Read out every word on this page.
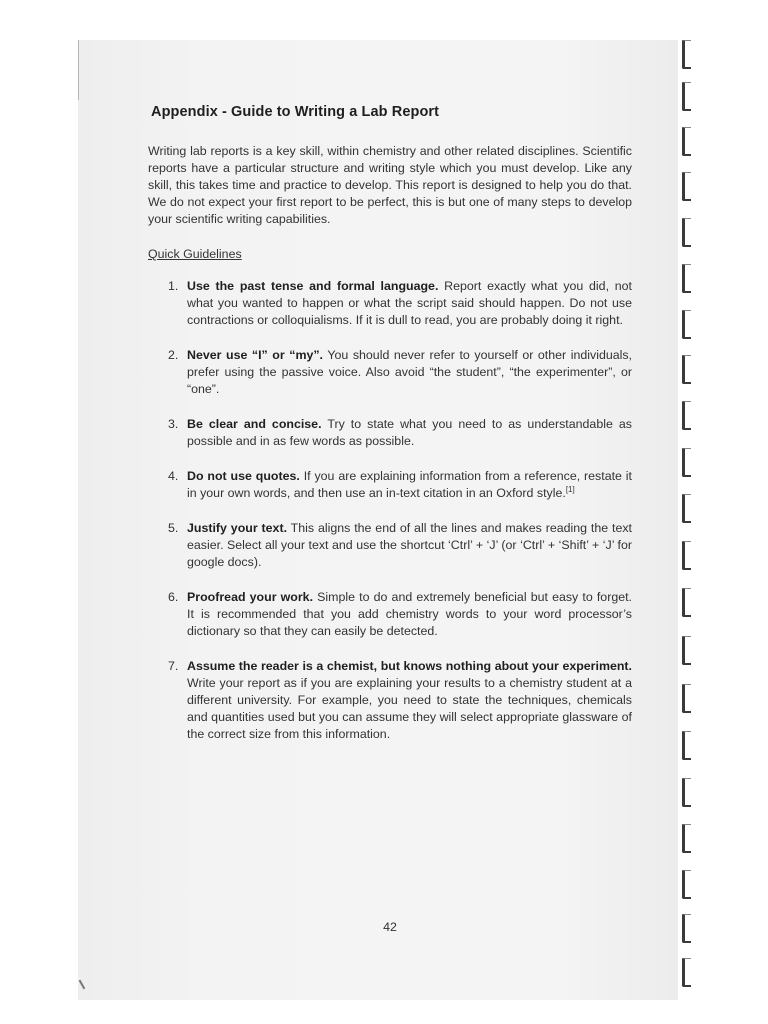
Appendix - Guide to Writing a Lab Report

Writing lab reports is a key skill, within chemistry and other related disciplines. Scientific reports have a particular structure and writing style which you must develop. Like any skill, this takes time and practice to develop. This report is designed to help you do that. We do not expect your first report to be perfect, this is but one of many steps to develop your scientific writing capabilities.

Quick Guidelines
1. Use the past tense and formal language. Report exactly what you did, not what you wanted to happen or what the script said should happen. Do not use contractions or colloquialisms. If it is dull to read, you are probably doing it right.
2. Never use “I” or “my”. You should never refer to yourself or other individuals, prefer using the passive voice. Also avoid “the student”, “the experimenter”, or “one”.
3. Be clear and concise. Try to state what you need to as understandable as possible and in as few words as possible.
4. Do not use quotes. If you are explaining information from a reference, restate it in your own words, and then use an in-text citation in an Oxford style.[1]
5. Justify your text. This aligns the end of all the lines and makes reading the text easier. Select all your text and use the shortcut ‘Ctrl’ + ‘J’ (or ‘Ctrl’ + ‘Shift’ + ‘J’ for google docs).
6. Proofread your work. Simple to do and extremely beneficial but easy to forget. It is recommended that you add chemistry words to your word processor’s dictionary so that they can easily be detected.
7. Assume the reader is a chemist, but knows nothing about your experiment. Write your report as if you are explaining your results to a chemistry student at a different university. For example, you need to state the techniques, chemicals and quantities used but you can assume they will select appropriate glassware of the correct size from this information.
42
